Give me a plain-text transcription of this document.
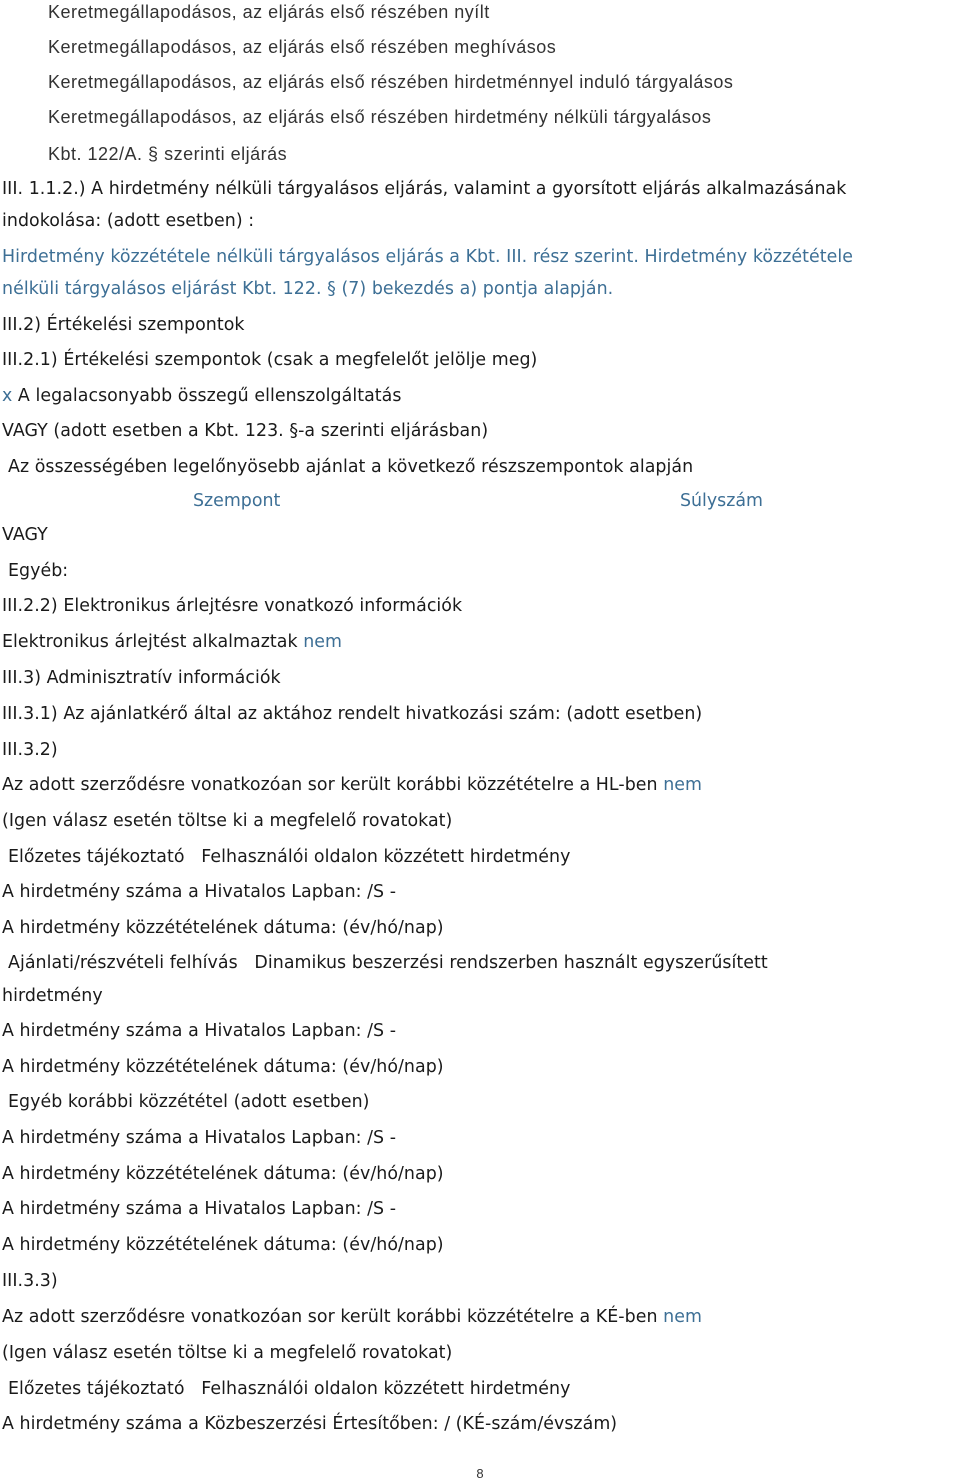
Keretmegállapodásos, az eljárás első részében nyílt
Keretmegállapodásos, az eljárás első részében meghívásos
Keretmegállapodásos, az eljárás első részében hirdetménnyel induló tárgyalásos
Keretmegállapodásos, az eljárás első részében hirdetmény nélküli tárgyalásos
Kbt. 122/A. § szerinti eljárás
III. 1.1.2.) A hirdetmény nélküli tárgyalásos eljárás, valamint a gyorsított eljárás alkalmazásának
indokolása: (adott esetben) :
Hirdetmény közzététele nélküli tárgyalásos eljárás a Kbt. III. rész szerint. Hirdetmény közzététele
nélküli tárgyalásos eljárást Kbt. 122. § (7) bekezdés a) pontja alapján.
III.2) Értékelési szempontok
III.2.1) Értékelési szempontok (csak a megfelelőt jelölje meg)
x A legalacsonyabb összegű ellenszolgáltatás
VAGY (adott esetben a Kbt. 123. §-a szerinti eljárásban)
Az összességében legelőnyösebb ajánlat a következő részszempontok alapján
Szempont	Súlyszám
VAGY
Egyéb:
III.2.2) Elektronikus árlejtésre vonatkozó információk
Elektronikus árlejtést alkalmaztak nem
III.3) Adminisztratív információk
III.3.1) Az ajánlatkérő által az aktához rendelt hivatkozási szám: (adott esetben)
III.3.2)
Az adott szerződésre vonatkozóan sor került korábbi közzétételre a HL-ben nem
(Igen válasz esetén töltse ki a megfelelő rovatokat)
Előzetes tájékoztató Felhasználói oldalon közzétett hirdetmény
A hirdetmény száma a Hivatalos Lapban: /S -
A hirdetmény közzétételének dátuma: (év/hó/nap)
Ajánlati/részvételi felhívás Dinamikus beszerzési rendszerben használt egyszerűsített
hirdetmény
A hirdetmény száma a Hivatalos Lapban: /S -
A hirdetmény közzétételének dátuma: (év/hó/nap)
Egyéb korábbi közzététel (adott esetben)
A hirdetmény száma a Hivatalos Lapban: /S -
A hirdetmény közzétételének dátuma: (év/hó/nap)
A hirdetmény száma a Hivatalos Lapban: /S -
A hirdetmény közzétételének dátuma: (év/hó/nap)
III.3.3)
Az adott szerződésre vonatkozóan sor került korábbi közzétételre a KÉ-ben nem
(Igen válasz esetén töltse ki a megfelelő rovatokat)
Előzetes tájékoztató Felhasználói oldalon közzétett hirdetmény
A hirdetmény száma a Közbeszerzési Értesítőben: / (KÉ-szám/évszám)
8
